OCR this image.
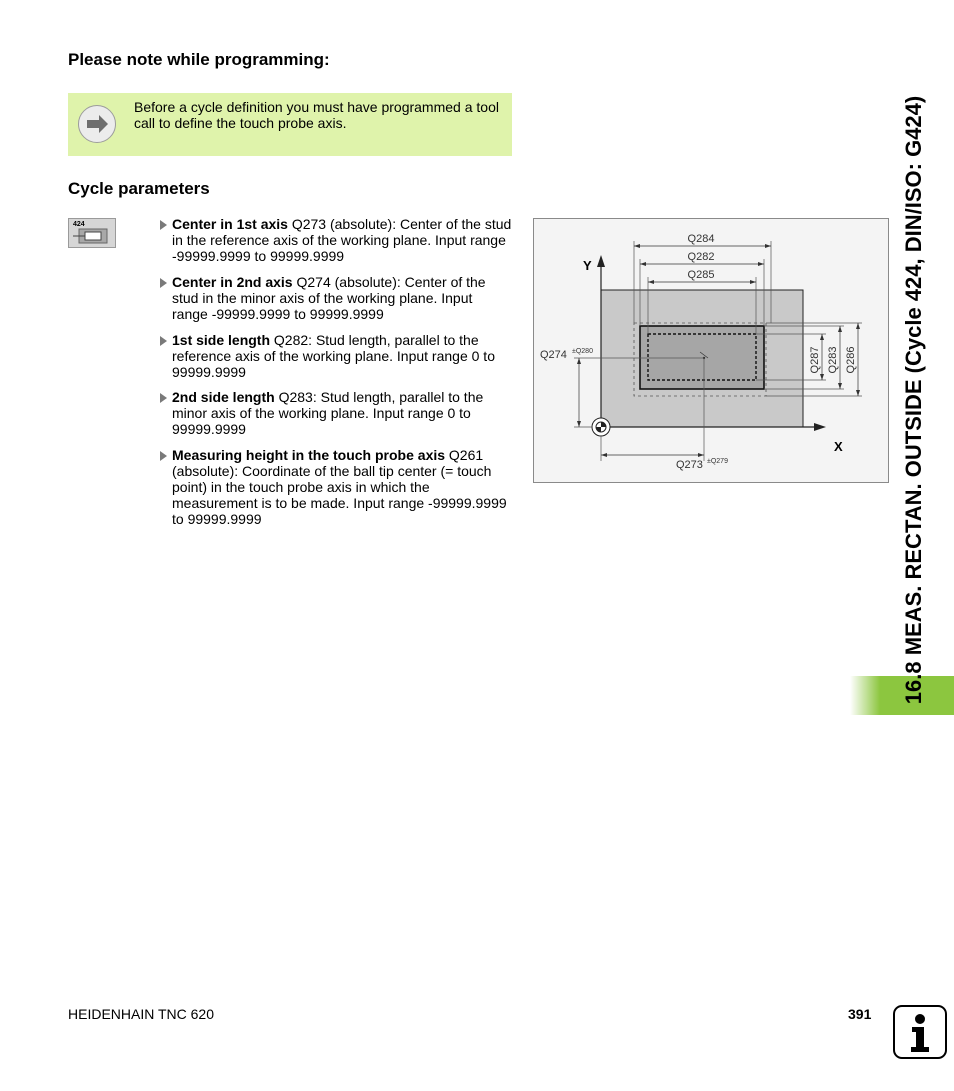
Please note while programming:
Before a cycle definition you must have programmed a tool call to define the touch probe axis.
Cycle parameters
424	Center in 1st axis Q273 (absolute): Center of the stud in the reference axis of the working plane. Input range -99999.9999 to 99999.9999
Center in 2nd axis Q274 (absolute): Center of the stud in the minor axis of the working plane. Input range -99999.9999 to 99999.9999
1st side length Q282: Stud length, parallel to the reference axis of the working plane. Input range 0 to 99999.9999
2nd side length Q283: Stud length, parallel to the minor axis of the working plane. Input range 0 to 99999.9999
Measuring height in the touch probe axis Q261 (absolute): Coordinate of the ball tip center (= touch point) in the touch probe axis in which the measurement is to be made. Input range -99999.9999 to 99999.9999
Y
X
Q284
Q282
Q285
Q274 ±Q280
Q273 ±Q279
Q287 Q283 Q286 16.8 MEAS. RECTAN. OUTSIDE (Cycle 424, DIN/ISO: G424)
HEIDENHAIN TNC 620	391
